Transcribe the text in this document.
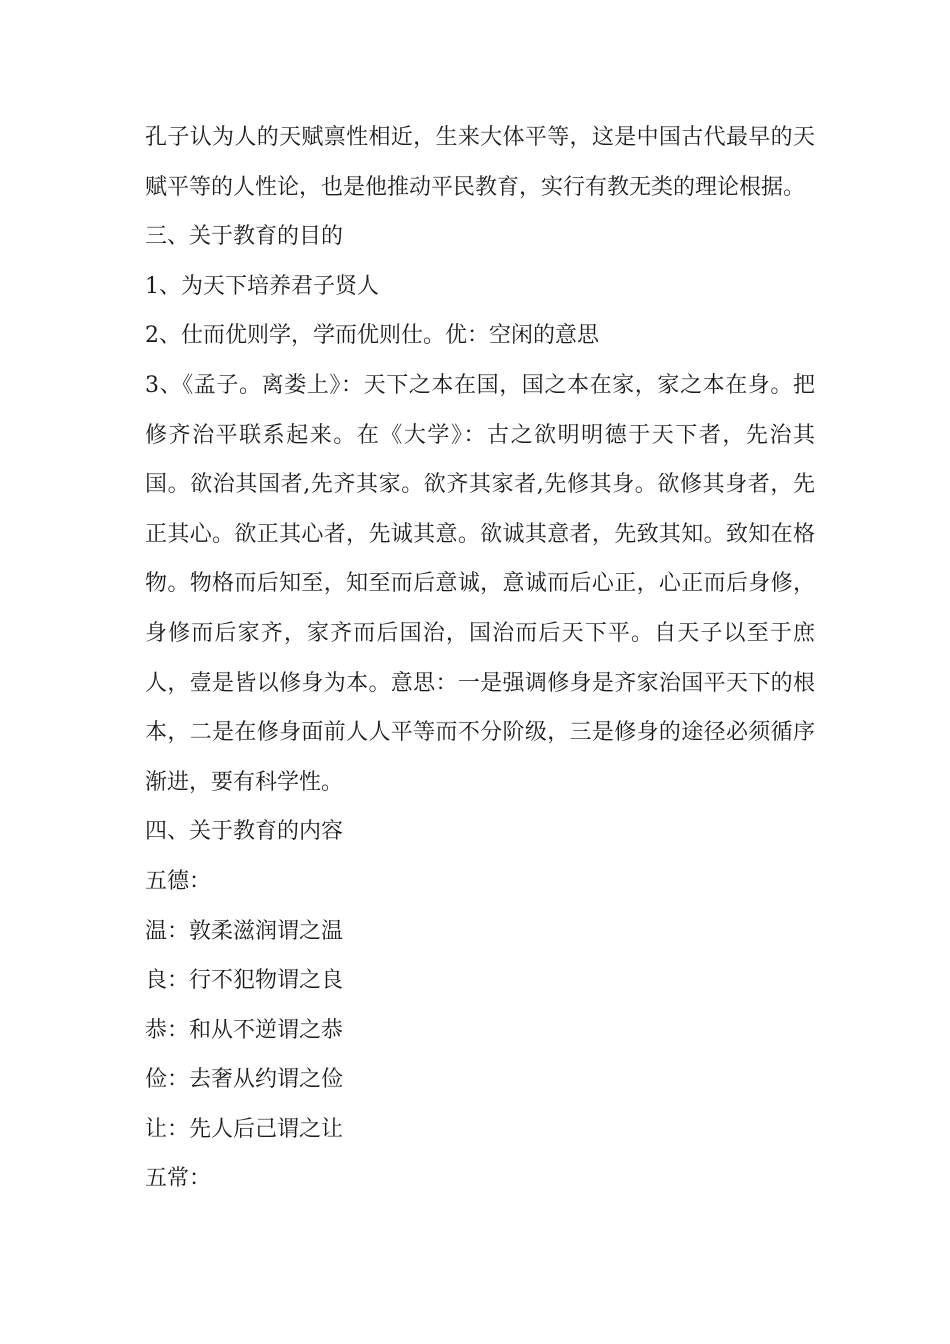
孔子认为人的天赋禀性相近，生来大体平等，这是中国古代最早的天赋平等的人性论，也是他推动平民教育，实行有教无类的理论根据。

三、关于教育的目的

1、为天下培养君子贤人

2、仕而优则学，学而优则仕。优：空闲的意思

3、《孟子。离娄上》：天下之本在国，国之本在家，家之本在身。把修齐治平联系起来。在《大学》：古之欲明明德于天下者，先治其国。欲治其国者,先齐其家。欲齐其家者,先修其身。欲修其身者，先正其心。欲正其心者，先诚其意。欲诚其意者，先致其知。致知在格物。物格而后知至，知至而后意诚，意诚而后心正，心正而后身修，身修而后家齐，家齐而后国治，国治而后天下平。自天子以至于庶人，壹是皆以修身为本。意思：一是强调修身是齐家治国平天下的根本，二是在修身面前人人平等而不分阶级，三是修身的途径必须循序渐进，要有科学性。

四、关于教育的内容

五德：

温：敦柔滋润谓之温

良：行不犯物谓之良

恭：和从不逆谓之恭

俭：去奢从约谓之俭

让：先人后己谓之让

五常：
